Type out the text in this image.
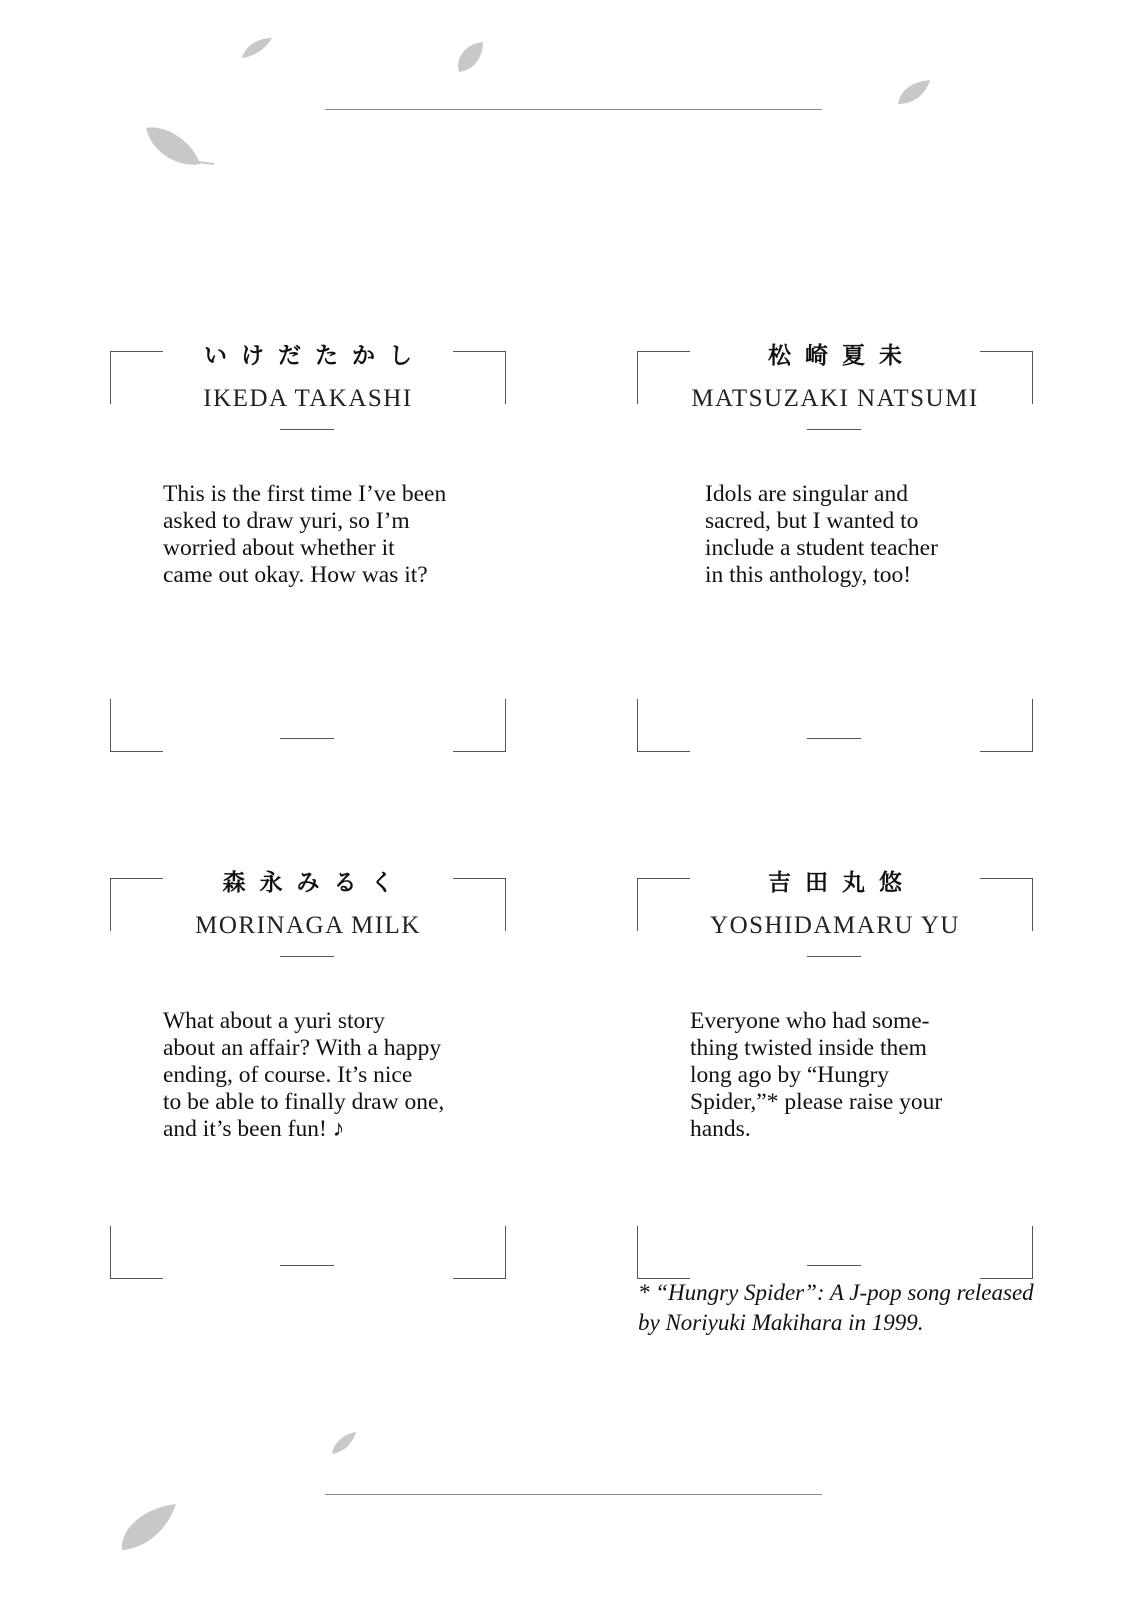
いけだたかし
IKEDA TAKASHI
This is the first time I’ve been
asked to draw yuri, so I’m
worried about whether it
came out okay. How was it?
松崎夏未
MATSUZAKI NATSUMI
Idols are singular and
sacred, but I wanted to
include a student teacher
in this anthology, too!
森永みるく
MORINAGA MILK
What about a yuri story
about an affair? With a happy
ending, of course. It’s nice
to be able to finally draw one,
and it’s been fun! ♪
吉田丸悠
YOSHIDAMARU YU
Everyone who had some-
thing twisted inside them
long ago by “Hungry
Spider,”* please raise your
hands.
* “Hungry Spider”: A J-pop song released
by Noriyuki Makihara in 1999.
